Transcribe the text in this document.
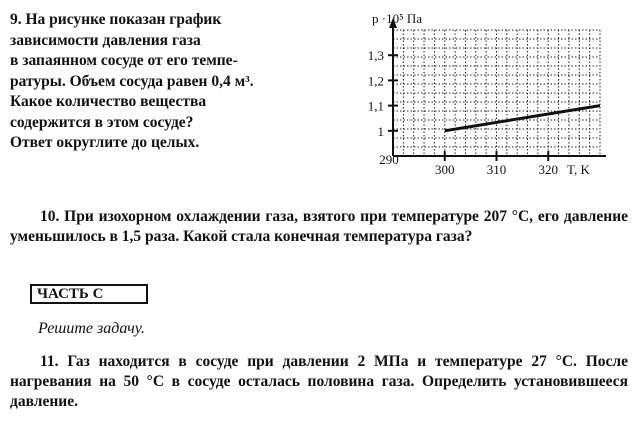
9. На рисунке показан график
зависимости давления газа
в запаянном сосуде от его темпе-
ратуры. Объем сосуда равен 0,4 м³.
Какое количество вещества
содержится в этом сосуде?
Ответ округлите до целых.
1
1,1
1,2
1,3
290
300 310 320
p ·10⁵ Па
T, K
10. При изохорном охлаждении газа, взятого при температуре 207 °С, его давление уменьшилось в 1,5 раза. Какой стала конечная температура газа?
ЧАСТЬ С
Решите задачу.
11. Газ находится в сосуде при давлении 2 МПа и температуре 27 °С. После нагревания на 50 °С в сосуде осталась половина газа. Определить установившееся давление.
